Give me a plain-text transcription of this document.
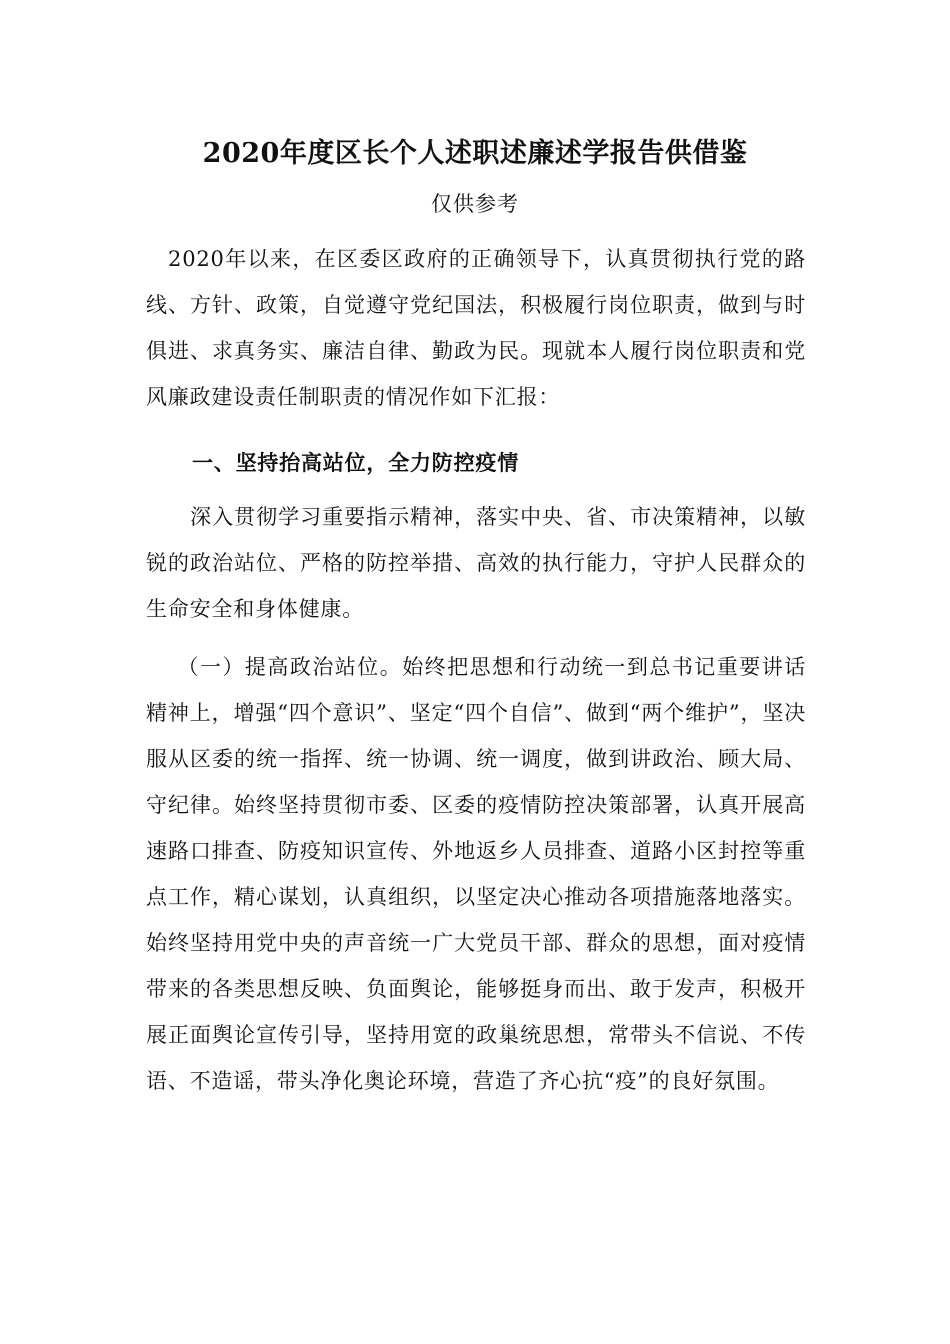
2020年度区长个人述职述廉述学报告供借鉴
仅供参考
2020年以来，在区委区政府的正确领导下，认真贯彻执行党的路线、方针、政策，自觉遵守党纪国法，积极履行岗位职责，做到与时俱进、求真务实、廉洁自律、勤政为民。现就本人履行岗位职责和党风廉政建设责任制职责的情况作如下汇报：
一、坚持抬高站位，全力防控疫情
深入贯彻学习重要指示精神，落实中央、省、市决策精神，以敏锐的政治站位、严格的防控举措、高效的执行能力，守护人民群众的生命安全和身体健康。
（一）提高政治站位。始终把思想和行动统一到总书记重要讲话精神上，增强“四个意识”、坚定“四个自信”、做到“两个维护”，坚决服从区委的统一指挥、统一协调、统一调度，做到讲政治、顾大局、守纪律。始终坚持贯彻市委、区委的疫情防控决策部署，认真开展高速路口排查、防疫知识宣传、外地返乡人员排查、道路小区封控等重点工作，精心谋划，认真组织，以坚定决心推动各项措施落地落实。始终坚持用党中央的声音统一广大党员干部、群众的思想，面对疫情带来的各类思想反映、负面舆论，能够挺身而出、敢于发声，积极开展正面舆论宣传引导，坚持用宽的政巢统思想，常带头不信说、不传语、不造谣，带头净化奥论环境，营造了齐心抗“疫”的良好氛围。
